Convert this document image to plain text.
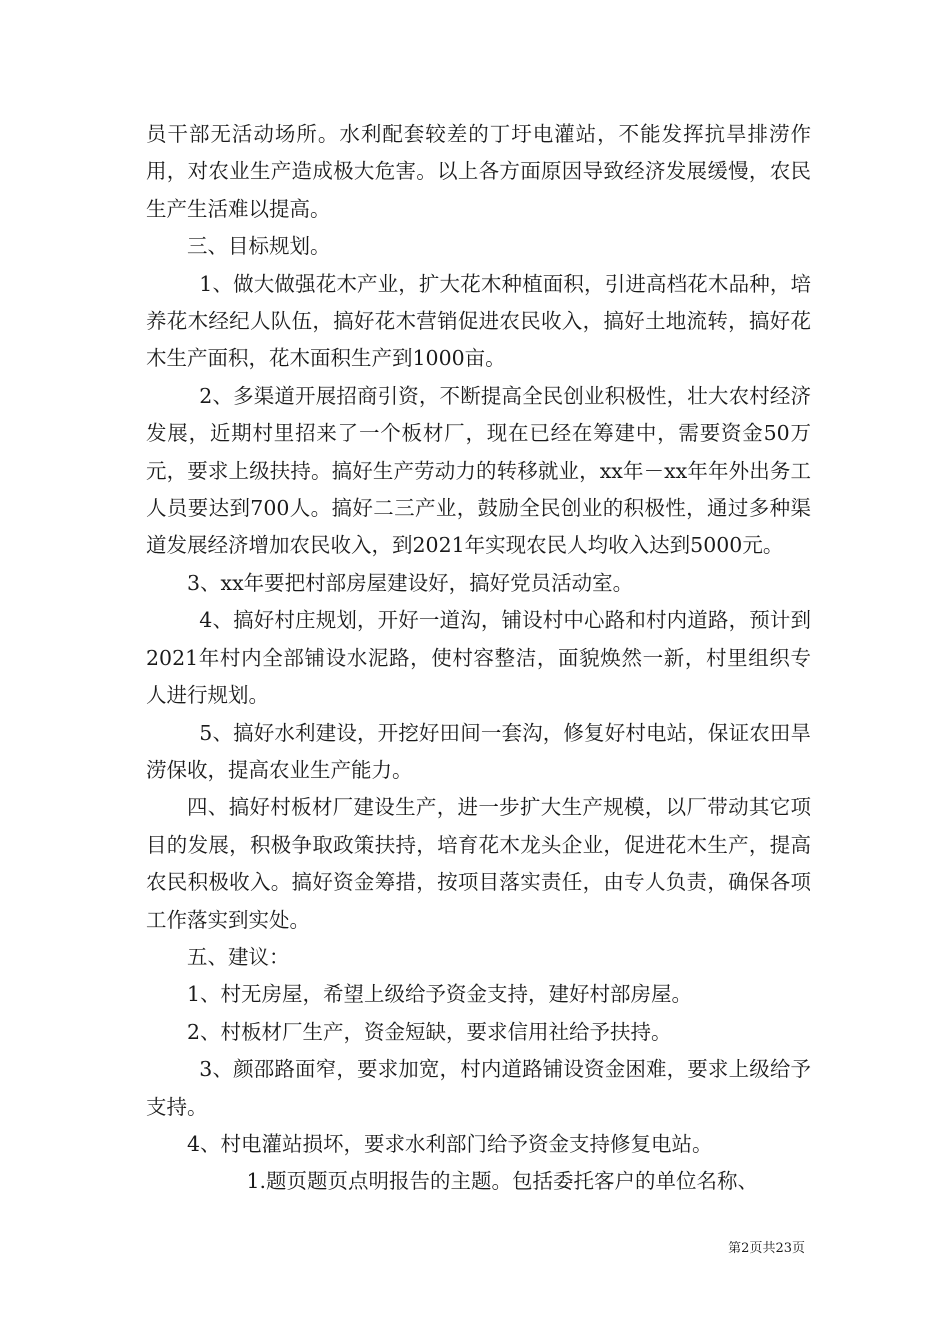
员干部无活动场所。水利配套较差的丁圩电灌站，不能发挥抗旱排涝作用，对农业生产造成极大危害。以上各方面原因导致经济发展缓慢，农民生产生活难以提高。

三、目标规划。

1、做大做强花木产业，扩大花木种植面积，引进高档花木品种，培养花木经纪人队伍，搞好花木营销促进农民收入，搞好土地流转，搞好花木生产面积，花木面积生产到1000亩。

2、多渠道开展招商引资，不断提高全民创业积极性，壮大农村经济发展，近期村里招来了一个板材厂，现在已经在筹建中，需要资金50万元，要求上级扶持。搞好生产劳动力的转移就业，xx年－xx年年外出务工人员要达到700人。搞好二三产业，鼓励全民创业的积极性，通过多种渠道发展经济增加农民收入，到2021年实现农民人均收入达到5000元。

3、xx年要把村部房屋建设好，搞好党员活动室。

4、搞好村庄规划，开好一道沟，铺设村中心路和村内道路，预计到2021年村内全部铺设水泥路，使村容整洁，面貌焕然一新，村里组织专人进行规划。

5、搞好水利建设，开挖好田间一套沟，修复好村电站，保证农田旱涝保收，提高农业生产能力。

四、搞好村板材厂建设生产，进一步扩大生产规模，以厂带动其它项目的发展，积极争取政策扶持，培育花木龙头企业，促进花木生产，提高农民积极收入。搞好资金筹措，按项目落实责任，由专人负责，确保各项工作落实到实处。

五、建议：

1、村无房屋，希望上级给予资金支持，建好村部房屋。

2、村板材厂生产，资金短缺，要求信用社给予扶持。

3、颜邵路面窄，要求加宽，村内道路铺设资金困难，要求上级给予支持。

4、村电灌站损坏，要求水利部门给予资金支持修复电站。

1.题页题页点明报告的主题。包括委托客户的单位名称、

第2页共23页
